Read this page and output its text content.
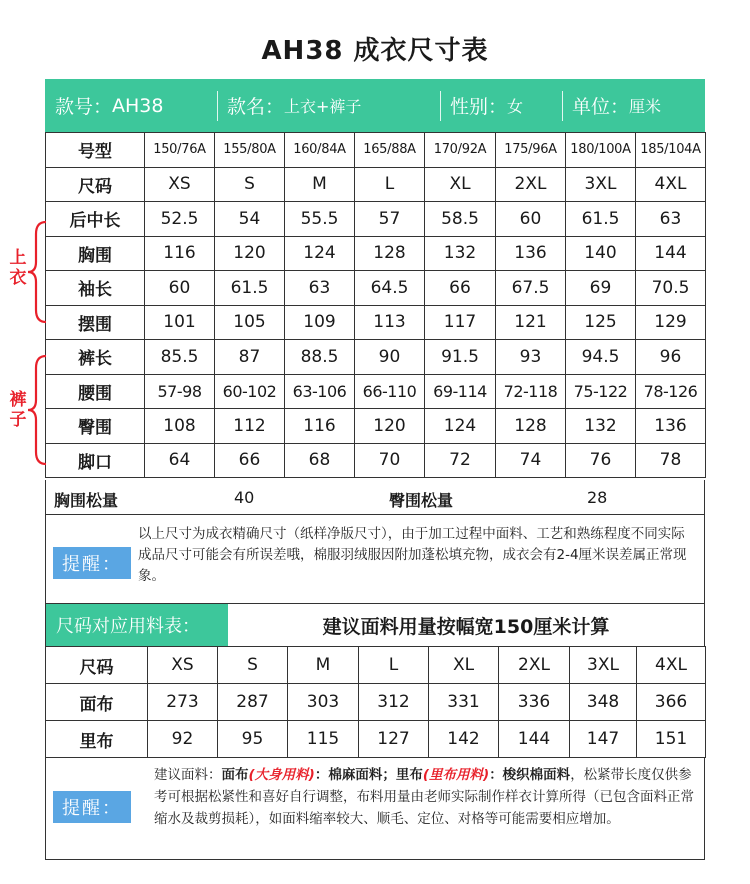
AH38 成衣尺寸表
款号： AH38	款名： 上衣+裤子	性别： 女	单位： 厘米
号型	150/76A	155/80A	160/84A	165/88A	170/92A	175/96A	180/100A	185/104A
尺码	XS	S	M	L	XL	2XL	3XL	4XL
后中长	52.5	54	55.5	57	58.5	60	61.5	63
胸围	116	120	124	128	132	136	140	144
袖长	60	61.5	63	64.5	66	67.5	69	70.5
摆围	101	105	109	113	117	121	125	129
裤长	85.5	87	88.5	90	91.5	93	94.5	96
腰围	57-98	60-102	63-106	66-110	69-114	72-118	75-122	78-126
臀围	108	112	116	120	124	128	132	136
脚口	64	66	68	70	72	74	76	78
上衣
裤子
胸围松量	40	臀围松量	28
提醒：
以上尺寸为成衣精确尺寸（纸样净版尺寸），由于加工过程中面料、工艺和熟练程度不同实际成品尺寸可能会有所误差哦，棉服羽绒服因附加蓬松填充物，成衣会有2-4厘米误差属正常现象。
尺码对应用料表：	建议面料用量按幅宽150厘米计算
尺码	XS	S	M	L	XL	2XL	3XL	4XL
面布	273	287	303	312	331	336	348	366
里布	92	95	115	127	142	144	147	151
提醒：
建议面料：面布(大身用料)：棉麻面料；里布(里布用料)：梭织棉面料，松紧带长度仅供参考可根据松紧性和喜好自行调整，布料用量由老师实际制作样衣计算所得（已包含面料正常缩水及裁剪损耗），如面料缩率较大、顺毛、定位、对格等可能需要相应增加。
